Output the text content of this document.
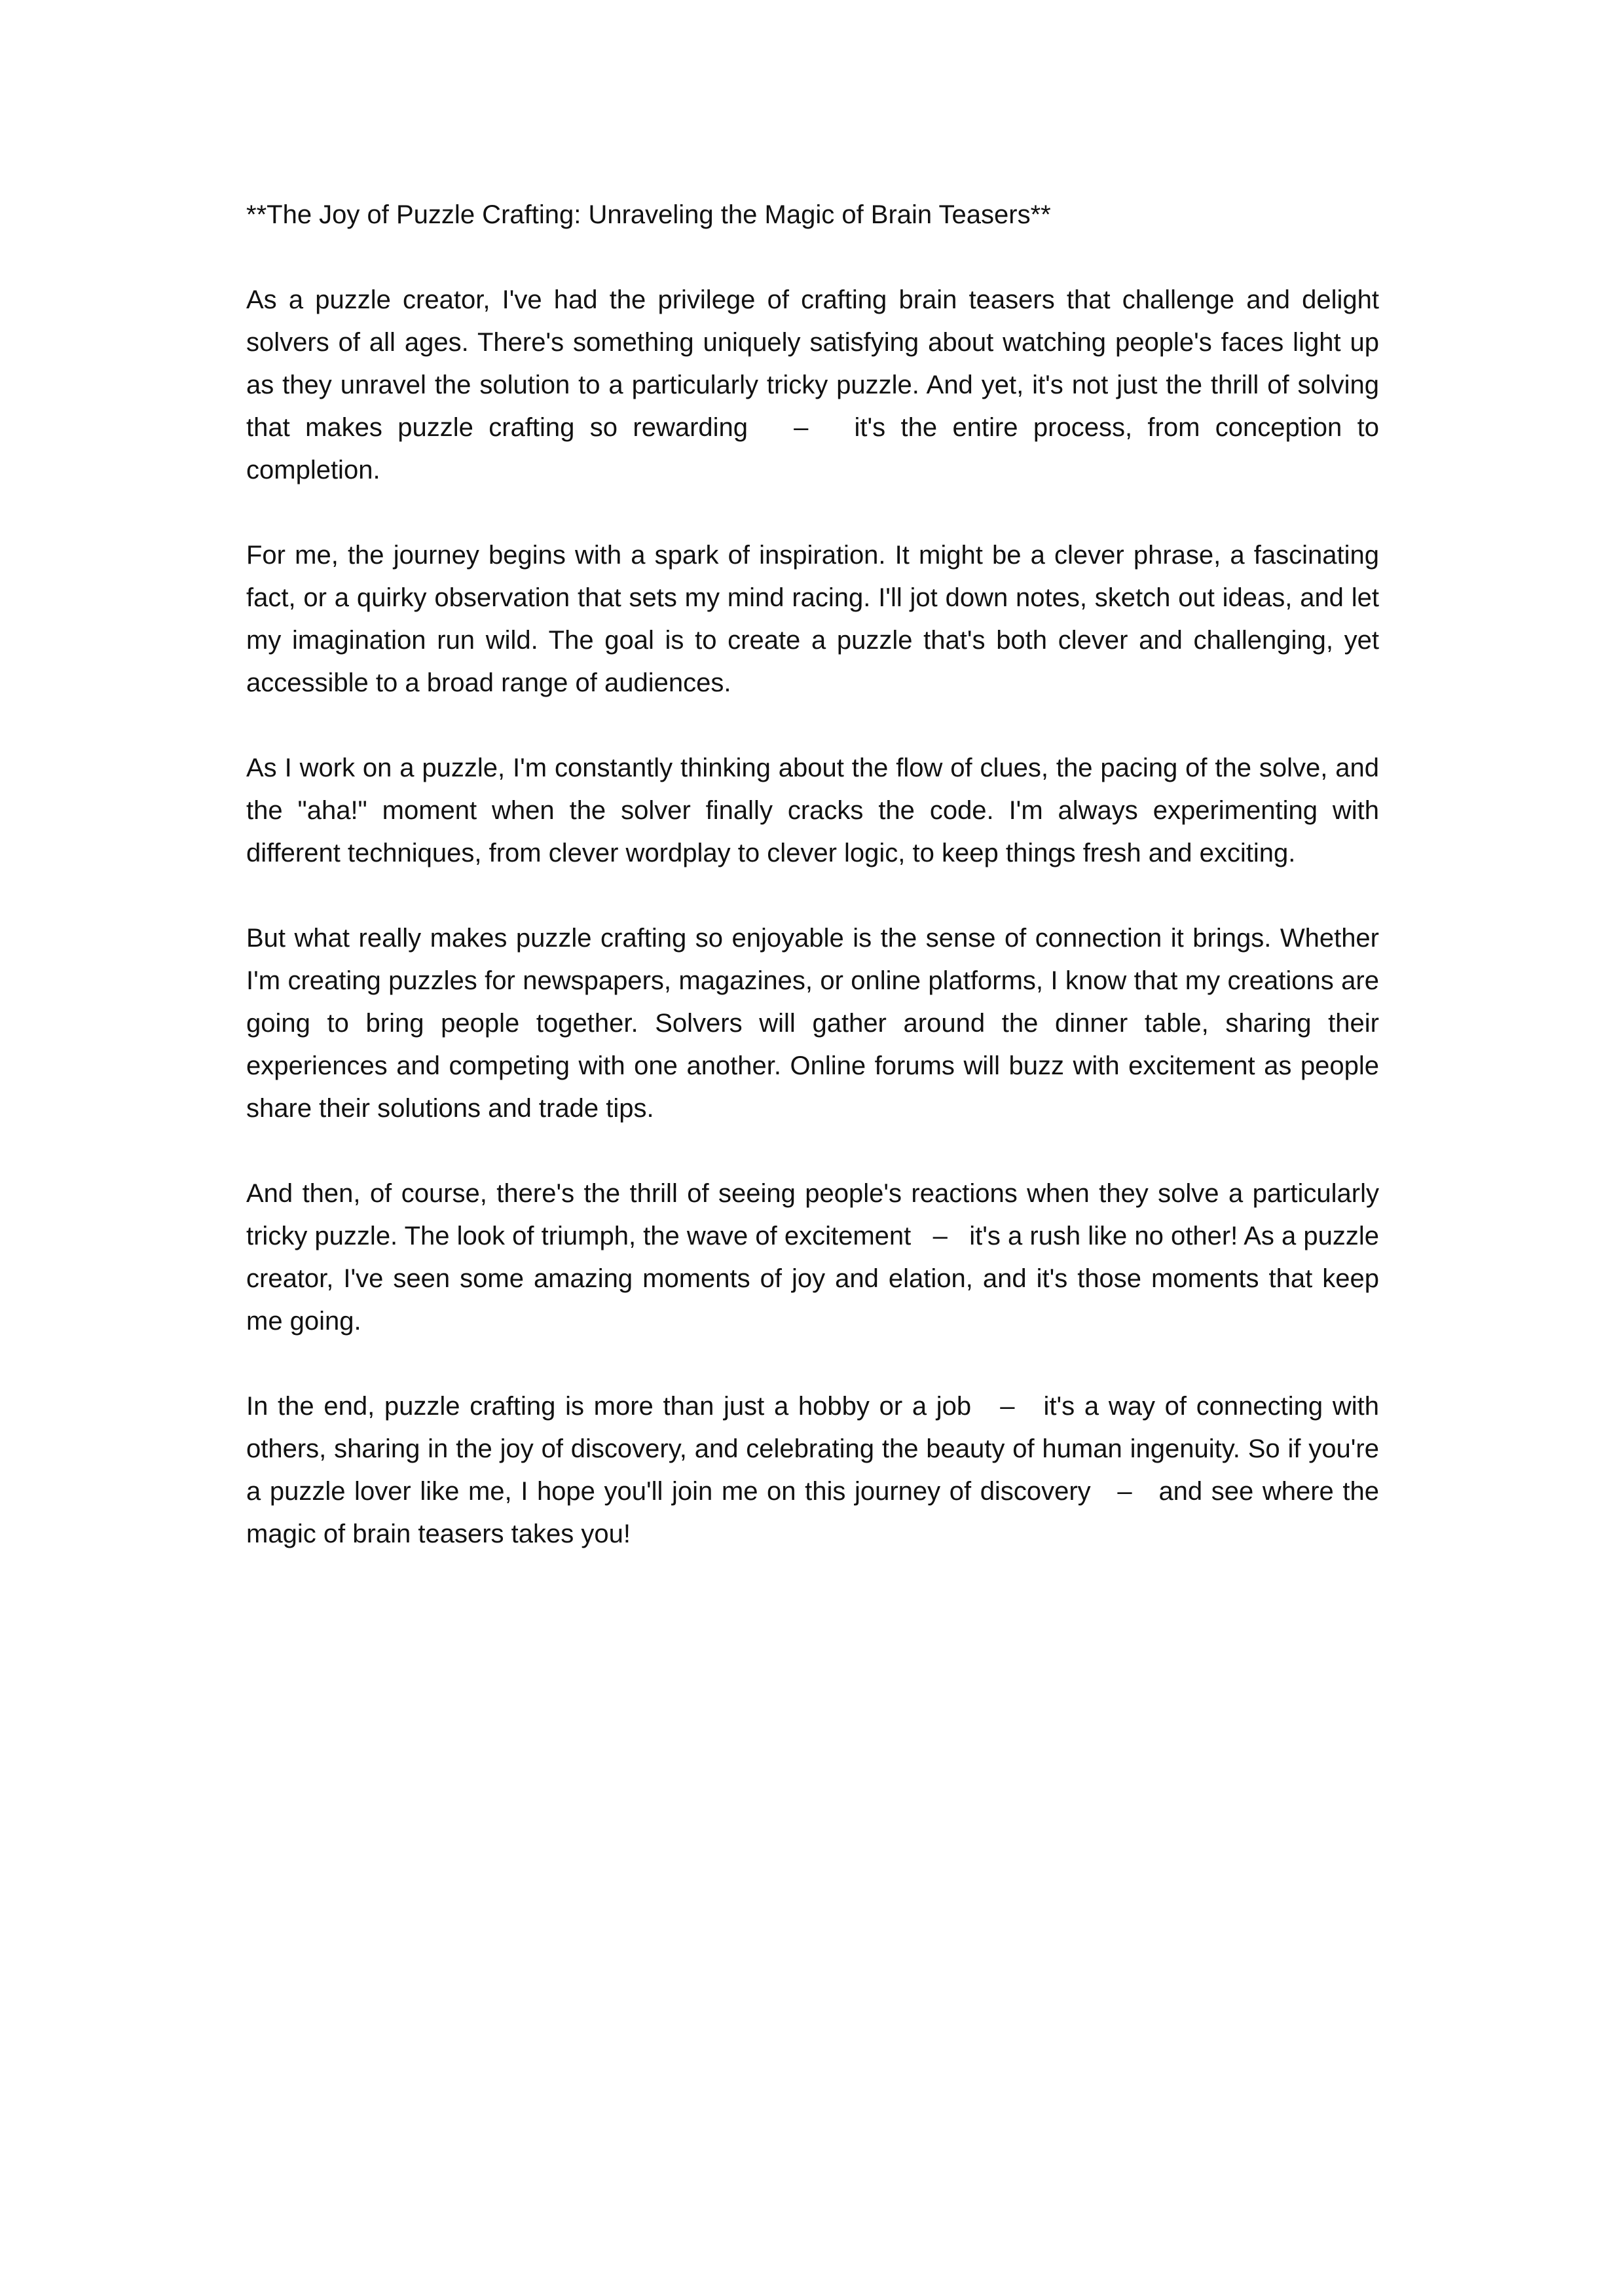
**The Joy of Puzzle Crafting: Unraveling the Magic of Brain Teasers**

As a puzzle creator, I've had the privilege of crafting brain teasers that challenge and delight solvers of all ages. There's something uniquely satisfying about watching people's faces light up as they unravel the solution to a particularly tricky puzzle. And yet, it's not just the thrill of solving that makes puzzle crafting so rewarding   –   it's the entire process, from conception to completion.

For me, the journey begins with a spark of inspiration. It might be a clever phrase, a fascinating fact, or a quirky observation that sets my mind racing. I'll jot down notes, sketch out ideas, and let my imagination run wild. The goal is to create a puzzle that's both clever and challenging, yet accessible to a broad range of audiences.

As I work on a puzzle, I'm constantly thinking about the flow of clues, the pacing of the solve, and the "aha!" moment when the solver finally cracks the code. I'm always experimenting with different techniques, from clever wordplay to clever logic, to keep things fresh and exciting.

But what really makes puzzle crafting so enjoyable is the sense of connection it brings. Whether I'm creating puzzles for newspapers, magazines, or online platforms, I know that my creations are going to bring people together. Solvers will gather around the dinner table, sharing their experiences and competing with one another. Online forums will buzz with excitement as people share their solutions and trade tips.

And then, of course, there's the thrill of seeing people's reactions when they solve a particularly tricky puzzle. The look of triumph, the wave of excitement   –   it's a rush like no other! As a puzzle creator, I've seen some amazing moments of joy and elation, and it's those moments that keep me going.

In the end, puzzle crafting is more than just a hobby or a job   –   it's a way of connecting with others, sharing in the joy of discovery, and celebrating the beauty of human ingenuity. So if you're a puzzle lover like me, I hope you'll join me on this journey of discovery   –   and see where the magic of brain teasers takes you!
